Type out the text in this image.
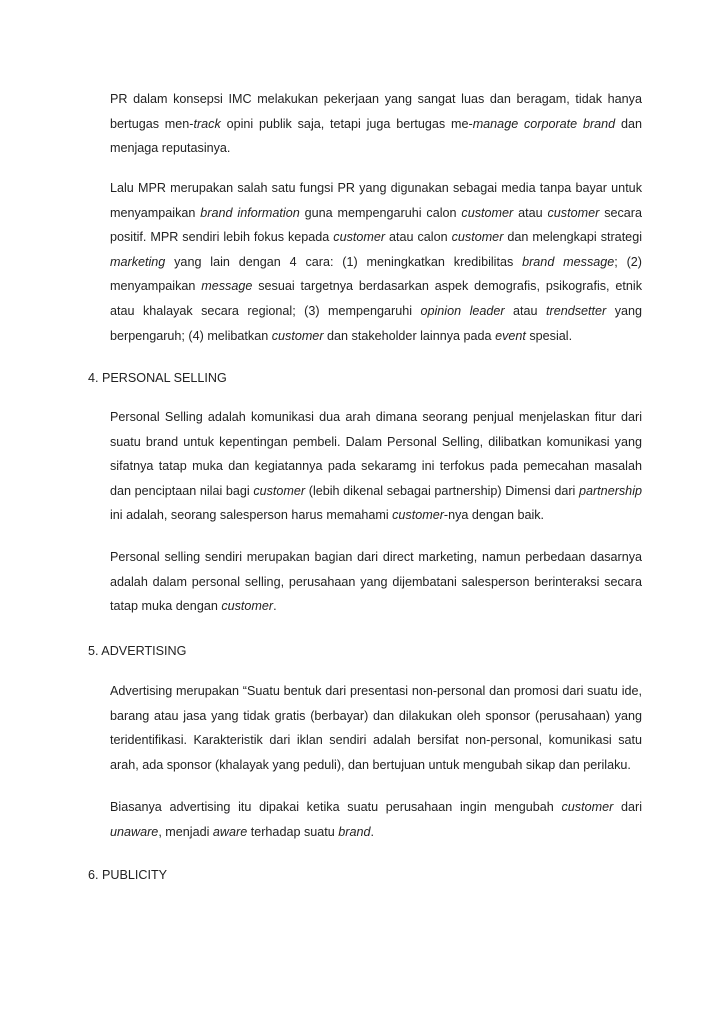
PR dalam konsepsi IMC melakukan pekerjaan yang sangat luas dan beragam, tidak hanya bertugas men-track opini publik saja, tetapi juga bertugas me-manage corporate brand dan menjaga reputasinya.

Lalu MPR merupakan salah satu fungsi PR yang digunakan sebagai media tanpa bayar untuk menyampaikan brand information guna mempengaruhi calon customer atau customer secara positif. MPR sendiri lebih fokus kepada customer atau calon customer dan melengkapi strategi marketing yang lain dengan 4 cara: (1) meningkatkan kredibilitas brand message; (2) menyampaikan message sesuai targetnya berdasarkan aspek demografis, psikografis, etnik atau khalayak secara regional; (3) mempengaruhi opinion leader atau trendsetter yang berpengaruh; (4) melibatkan customer dan stakeholder lainnya pada event spesial.

4. PERSONAL SELLING

Personal Selling adalah komunikasi dua arah dimana seorang penjual menjelaskan fitur dari suatu brand untuk kepentingan pembeli. Dalam Personal Selling, dilibatkan komunikasi yang sifatnya tatap muka dan kegiatannya pada sekaramg ini terfokus pada pemecahan masalah dan penciptaan nilai bagi customer (lebih dikenal sebagai partnership) Dimensi dari partnership ini adalah, seorang salesperson harus memahami customer-nya dengan baik.

Personal selling sendiri merupakan bagian dari direct marketing, namun perbedaan dasarnya adalah dalam personal selling, perusahaan yang dijembatani salesperson berinteraksi secara tatap muka dengan customer.

5. ADVERTISING

Advertising merupakan “Suatu bentuk dari presentasi non-personal dan promosi dari suatu ide, barang atau jasa yang tidak gratis (berbayar) dan dilakukan oleh sponsor (perusahaan) yang teridentifikasi. Karakteristik dari iklan sendiri adalah bersifat non-personal, komunikasi satu arah, ada sponsor (khalayak yang peduli), dan bertujuan untuk mengubah sikap dan perilaku.

Biasanya advertising itu dipakai ketika suatu perusahaan ingin mengubah customer dari unaware, menjadi aware terhadap suatu brand.

6. PUBLICITY
